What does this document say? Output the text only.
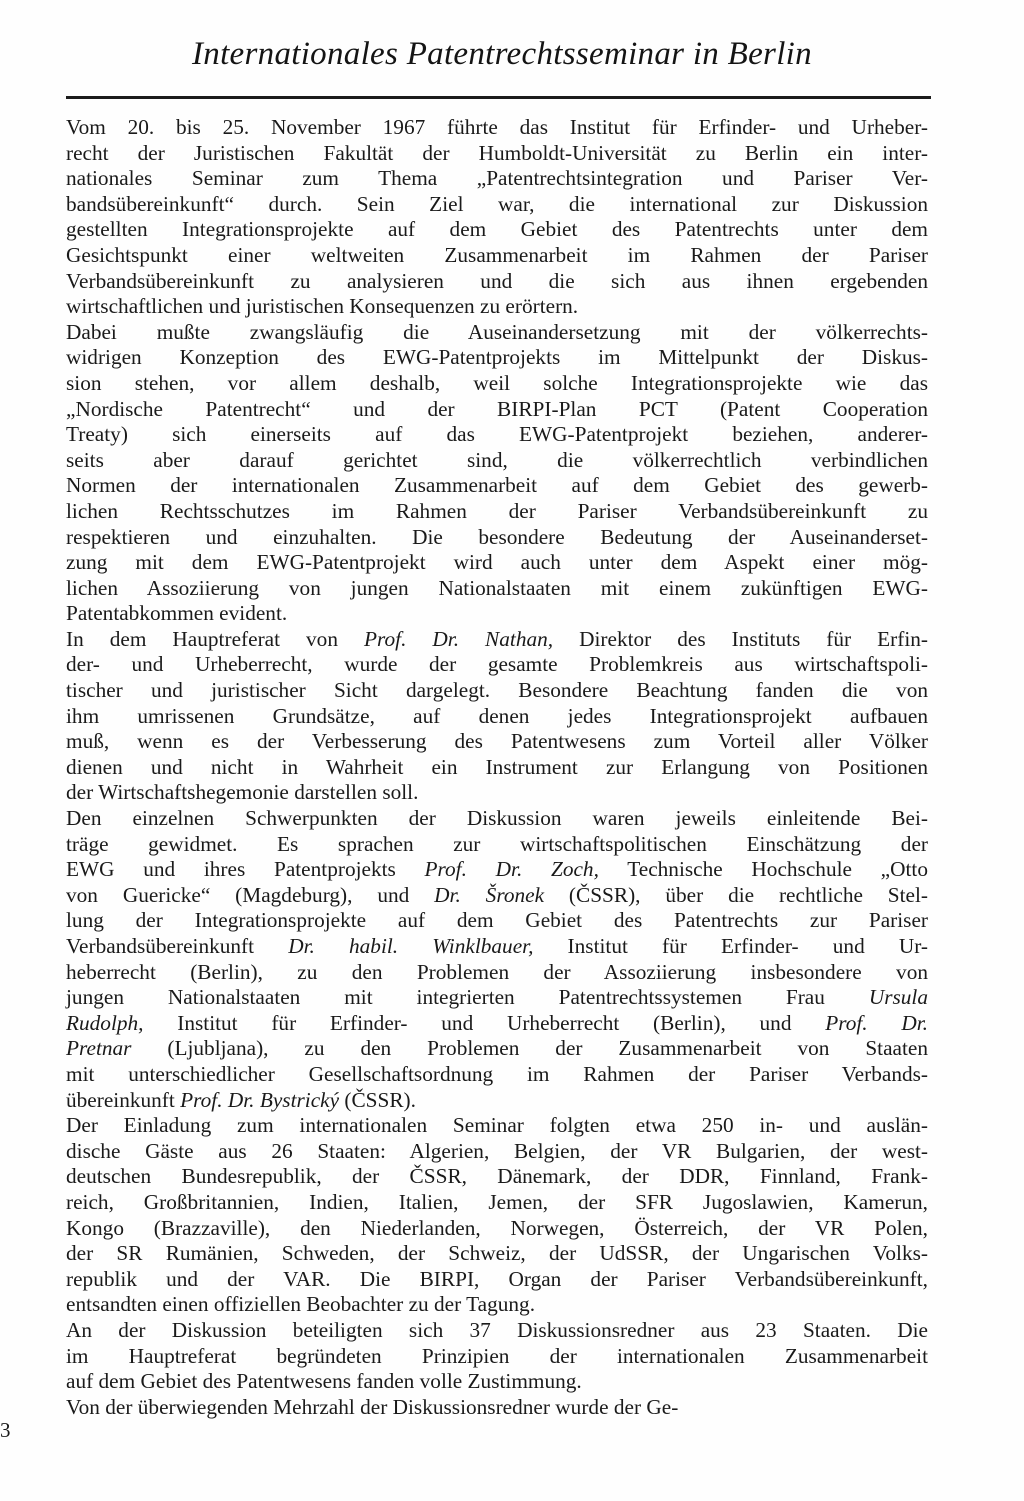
Internationales Patentrechtsseminar in Berlin
Vom 20. bis 25. November 1967 führte das Institut für Erfinder- und Urheber-
recht der Juristischen Fakultät der Humboldt-Universität zu Berlin ein inter-
nationales Seminar zum Thema „Patentrechtsintegration und Pariser Ver-
bandsübereinkunft“ durch. Sein Ziel war, die international zur Diskussion
gestellten Integrationsprojekte auf dem Gebiet des Patentrechts unter dem
Gesichtspunkt einer weltweiten Zusammenarbeit im Rahmen der Pariser
Verbandsübereinkunft zu analysieren und die sich aus ihnen ergebenden
wirtschaftlichen und juristischen Konsequenzen zu erörtern.
Dabei mußte zwangsläufig die Auseinandersetzung mit der völkerrechts-
widrigen Konzeption des EWG-Patentprojekts im Mittelpunkt der Diskus-
sion stehen, vor allem deshalb, weil solche Integrationsprojekte wie das
„Nordische Patentrecht“ und der BIRPI-Plan PCT (Patent Cooperation
Treaty) sich einerseits auf das EWG-Patentprojekt beziehen, anderer-
seits aber darauf gerichtet sind, die völkerrechtlich verbindlichen
Normen der internationalen Zusammenarbeit auf dem Gebiet des gewerb-
lichen Rechtsschutzes im Rahmen der Pariser Verbandsübereinkunft zu
respektieren und einzuhalten. Die besondere Bedeutung der Auseinanderset-
zung mit dem EWG-Patentprojekt wird auch unter dem Aspekt einer mög-
lichen Assoziierung von jungen Nationalstaaten mit einem zukünftigen EWG-
Patentabkommen evident.
In dem Hauptreferat von Prof. Dr. Nathan, Direktor des Instituts für Erfin-
der- und Urheberrecht, wurde der gesamte Problemkreis aus wirtschaftspoli-
tischer und juristischer Sicht dargelegt. Besondere Beachtung fanden die von
ihm umrissenen Grundsätze, auf denen jedes Integrationsprojekt aufbauen
muß, wenn es der Verbesserung des Patentwesens zum Vorteil aller Völker
dienen und nicht in Wahrheit ein Instrument zur Erlangung von Positionen
der Wirtschaftshegemonie darstellen soll.
Den einzelnen Schwerpunkten der Diskussion waren jeweils einleitende Bei-
träge gewidmet. Es sprachen zur wirtschaftspolitischen Einschätzung der
EWG und ihres Patentprojekts Prof. Dr. Zoch, Technische Hochschule „Otto
von Guericke“ (Magdeburg), und Dr. Šronek (ČSSR), über die rechtliche Stel-
lung der Integrationsprojekte auf dem Gebiet des Patentrechts zur Pariser
Verbandsübereinkunft Dr. habil. Winklbauer, Institut für Erfinder- und Ur-
heberrecht (Berlin), zu den Problemen der Assoziierung insbesondere von
jungen Nationalstaaten mit integrierten Patentrechtssystemen Frau Ursula
Rudolph, Institut für Erfinder- und Urheberrecht (Berlin), und Prof. Dr.
Pretnar (Ljubljana), zu den Problemen der Zusammenarbeit von Staaten
mit unterschiedlicher Gesellschaftsordnung im Rahmen der Pariser Verbands-
übereinkunft Prof. Dr. Bystrický (ČSSR).
Der Einladung zum internationalen Seminar folgten etwa 250 in- und auslän-
dische Gäste aus 26 Staaten: Algerien, Belgien, der VR Bulgarien, der west-
deutschen Bundesrepublik, der ČSSR, Dänemark, der DDR, Finnland, Frank-
reich, Großbritannien, Indien, Italien, Jemen, der SFR Jugoslawien, Kamerun,
Kongo (Brazzaville), den Niederlanden, Norwegen, Österreich, der VR Polen,
der SR Rumänien, Schweden, der Schweiz, der UdSSR, der Ungarischen Volks-
republik und der VAR. Die BIRPI, Organ der Pariser Verbandsübereinkunft,
entsandten einen offiziellen Beobachter zu der Tagung.
An der Diskussion beteiligten sich 37 Diskussionsredner aus 23 Staaten. Die
im Hauptreferat begründeten Prinzipien der internationalen Zusammenarbeit
auf dem Gebiet des Patentwesens fanden volle Zustimmung.
Von der überwiegenden Mehrzahl der Diskussionsredner wurde der Ge-
3
